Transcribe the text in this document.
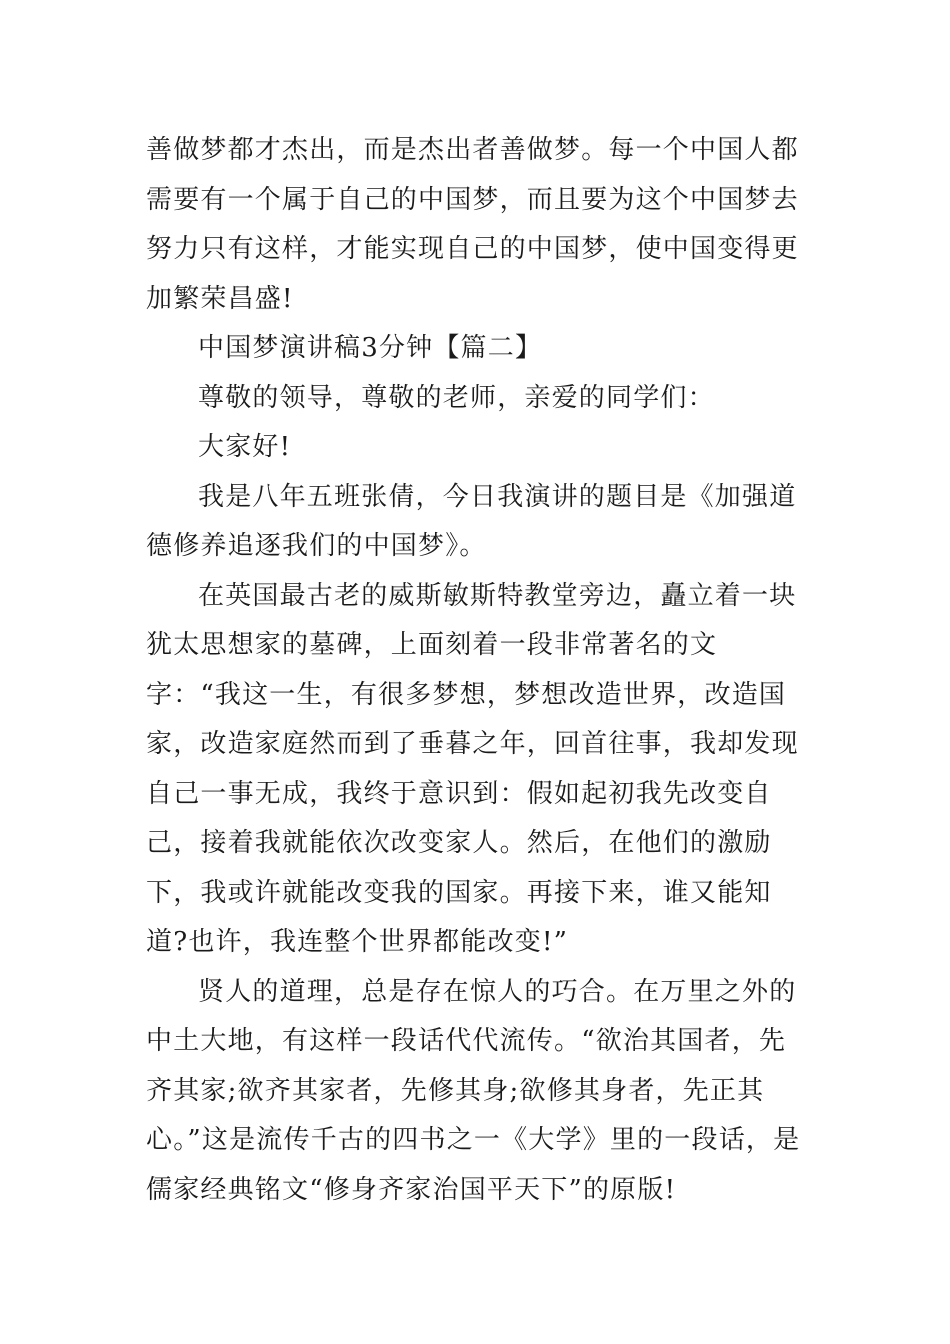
善做梦都才杰出，而是杰出者善做梦。每一个中国人都需要有一个属于自己的中国梦，而且要为这个中国梦去努力只有这样，才能实现自己的中国梦，使中国变得更加繁荣昌盛!

中国梦演讲稿3分钟【篇二】

尊敬的领导，尊敬的老师，亲爱的同学们：

大家好!

我是八年五班张倩，今日我演讲的题目是《加强道德修养追逐我们的中国梦》。

在英国最古老的威斯敏斯特教堂旁边，矗立着一块犹太思想家的墓碑，上面刻着一段非常著名的文字：“我这一生，有很多梦想，梦想改造世界，改造国家，改造家庭然而到了垂暮之年，回首往事，我却发现自己一事无成，我终于意识到：假如起初我先改变自己，接着我就能依次改变家人。然后，在他们的激励下，我或许就能改变我的国家。再接下来，谁又能知道?也许，我连整个世界都能改变!”

贤人的道理，总是存在惊人的巧合。在万里之外的中土大地，有这样一段话代代流传。“欲治其国者，先齐其家;欲齐其家者，先修其身;欲修其身者，先正其心。”这是流传千古的四书之一《大学》里的一段话，是儒家经典铭文“修身齐家治国平天下”的原版!
